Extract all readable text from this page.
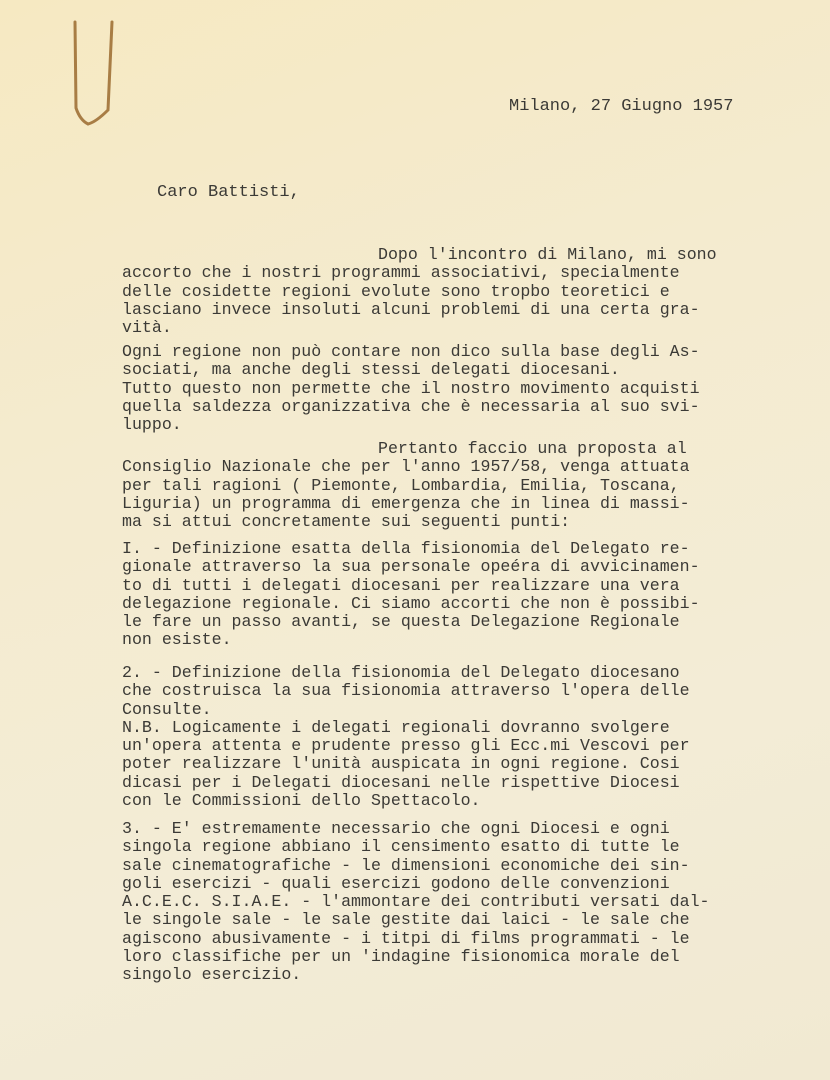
Milano, 27 Giugno 1957
Caro Battisti,
Dopo l'incontro di Milano, mi sono
accorto che i nostri programmi associativi, specialmente
delle cosidette regioni evolute sono tropbo teoretici e
lasciano invece insoluti alcuni problemi di una certa gra-
vità.
Ogni regione non può contare non dico sulla base degli As-
sociati, ma anche degli stessi delegati diocesani.
Tutto questo non permette che il nostro movimento acquisti
quella saldezza organizzativa che è necessaria al suo svi-
luppo.
Pertanto faccio una proposta al
Consiglio Nazionale che per l'anno 1957/58, venga attuata
per tali ragioni ( Piemonte, Lombardia, Emilia, Toscana,
Liguria) un programma di emergenza che in linea di massi-
ma si attui concretamente sui seguenti punti:
I. - Definizione esatta della fisionomia del Delegato re-
gionale attraverso la sua personale opeéra di avvicinamen-
to di tutti i delegati diocesani per realizzare una vera
delegazione regionale. Ci siamo accorti che non è possibi-
le fare un passo avanti, se questa Delegazione Regionale
non esiste.
2. - Definizione della fisionomia del Delegato diocesano
che costruisca la sua fisionomia attraverso l'opera delle
Consulte.
N.B. Logicamente i delegati regionali dovranno svolgere
un'opera attenta e prudente presso gli Ecc.mi Vescovi per
poter realizzare l'unità auspicata in ogni regione. Cosi
dicasi per i Delegati diocesani nelle rispettive Diocesi
con le Commissioni dello Spettacolo.
3. - E' estremamente necessario che ogni Diocesi e ogni
singola regione abbiano il censimento esatto di tutte le
sale cinematografiche - le dimensioni economiche dei sin-
goli esercizi - quali esercizi godono delle convenzioni
A.C.E.C. S.I.A.E. - l'ammontare dei contributi versati dal-
le singole sale - le sale gestite dai laici - le sale che
agiscono abusivamente - i titpi di films programmati - le
loro classifiche per un 'indagine fisionomica morale del
singolo esercizio.
